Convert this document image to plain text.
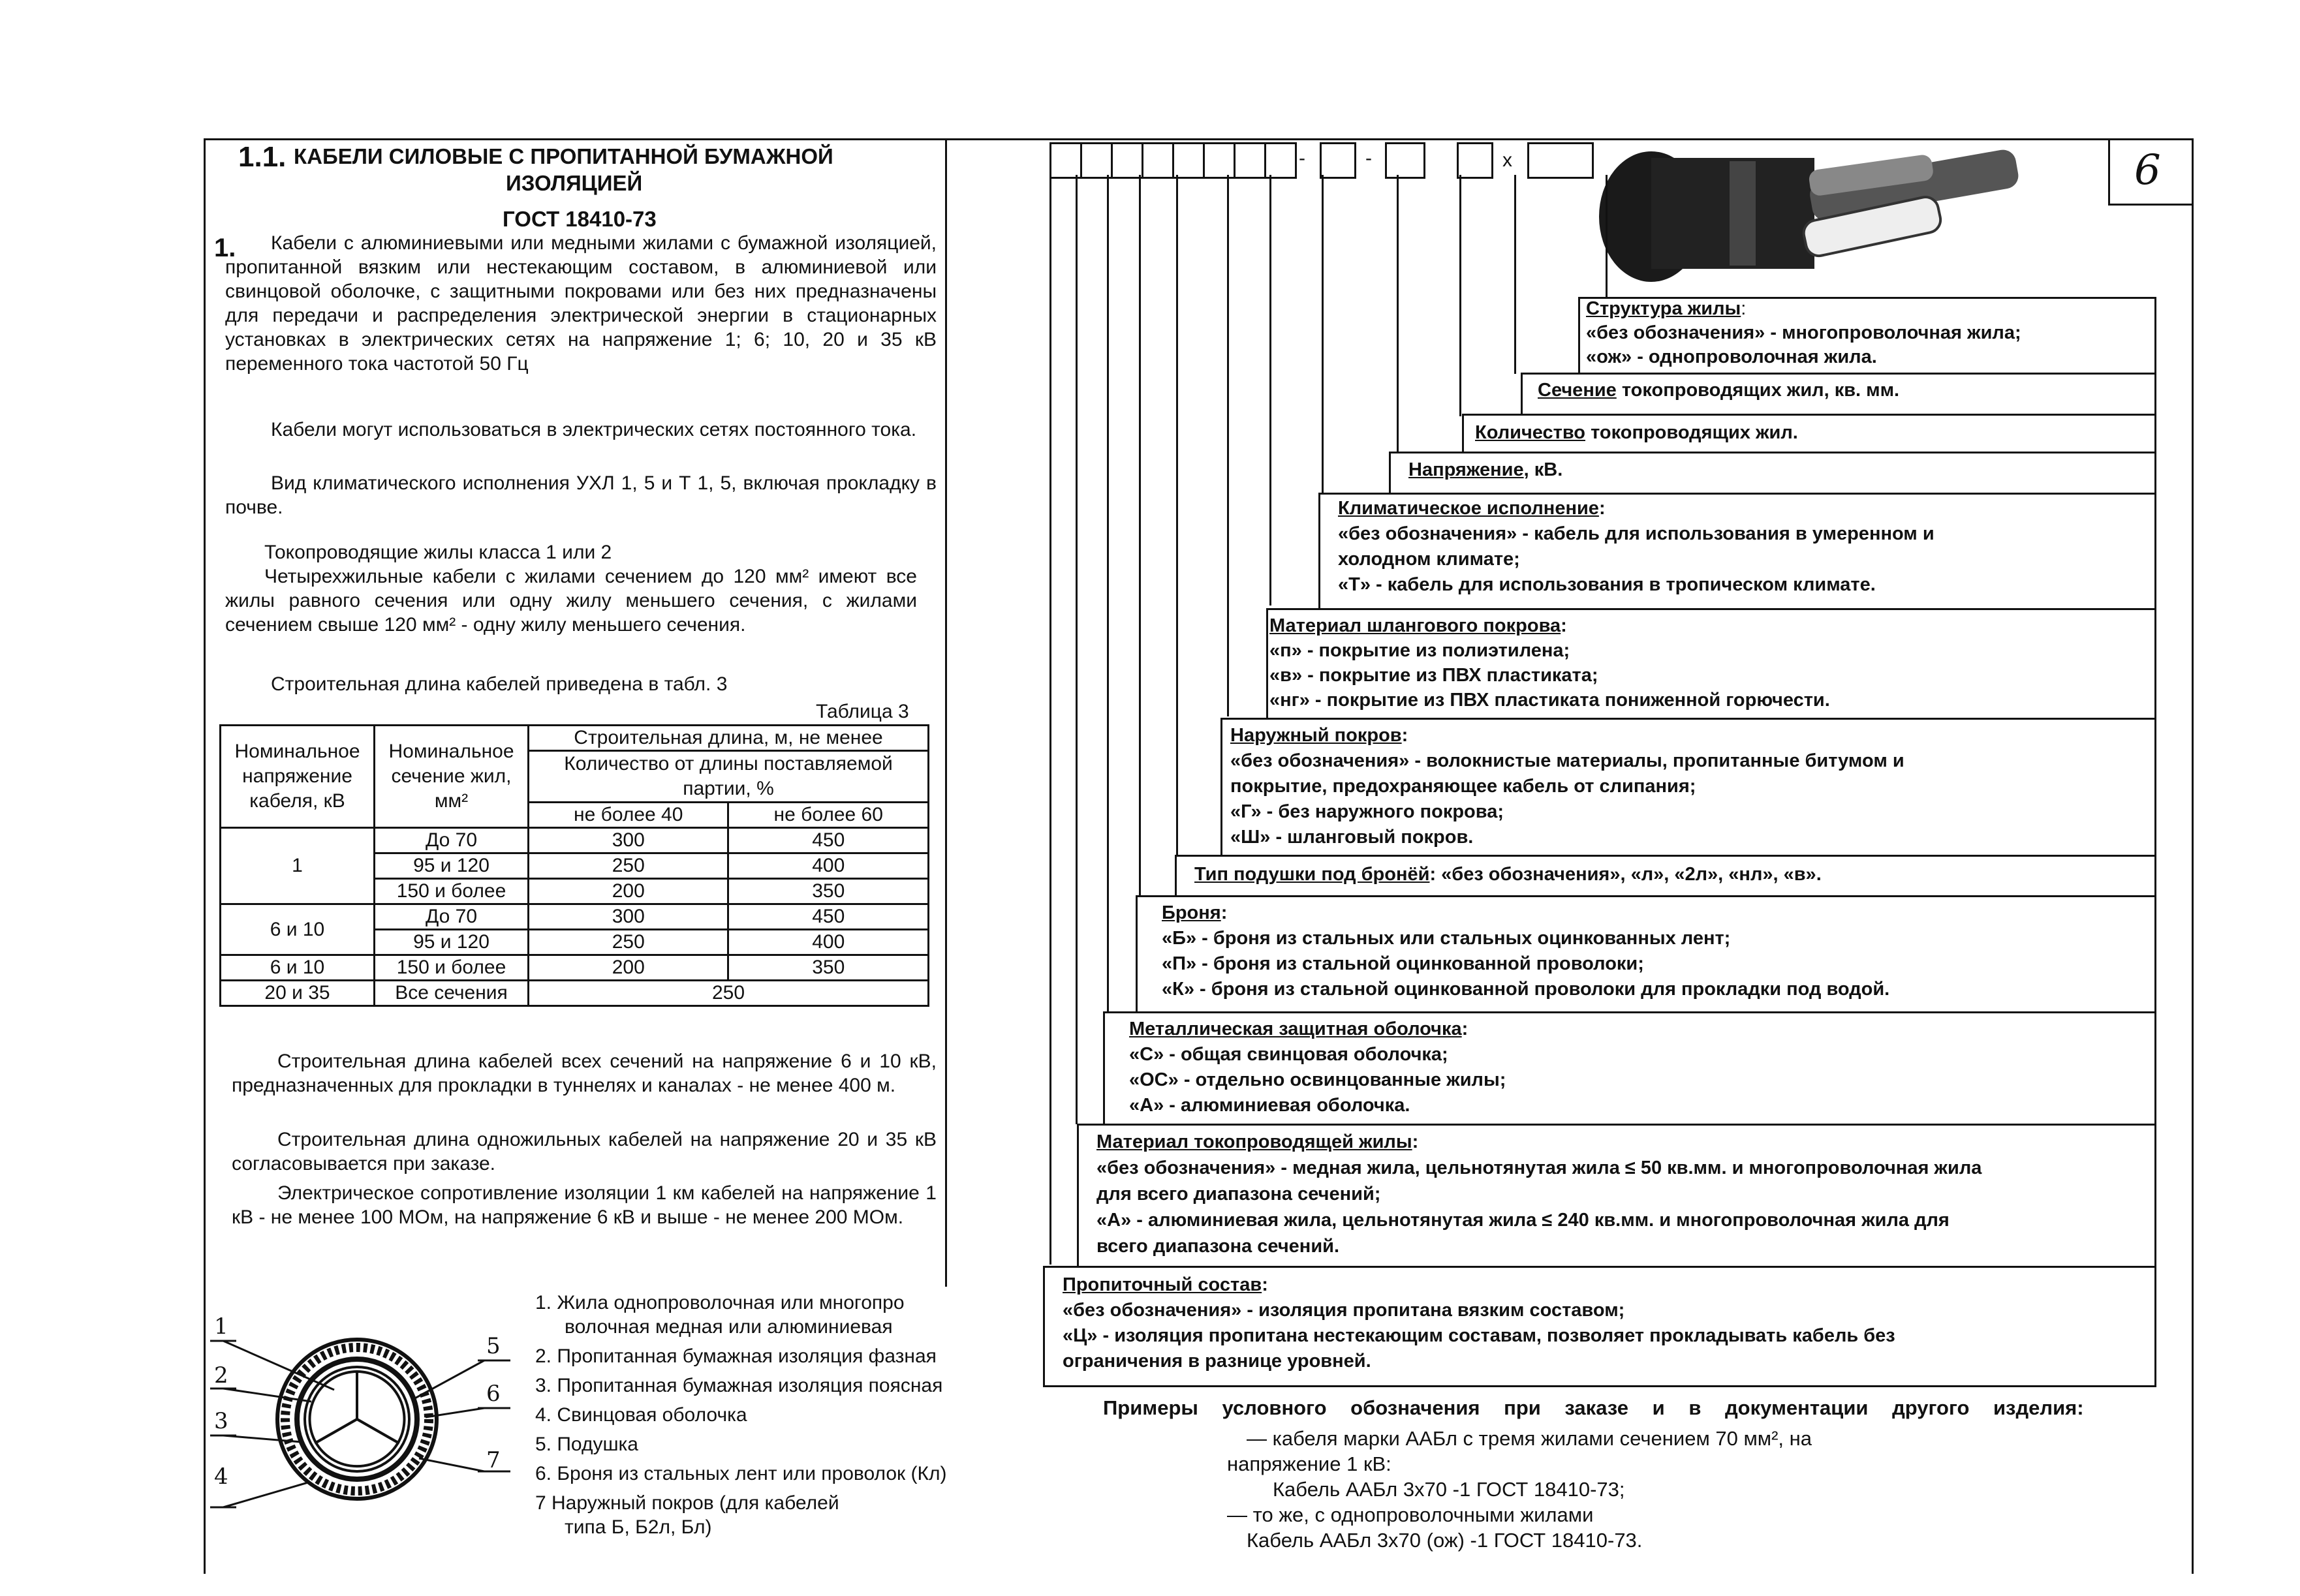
6
1.1. КАБЕЛИ СИЛОВЫЕ С ПРОПИТАННОЙ БУМАЖНОЙ
ИЗОЛЯЦИЕЙ
ГОСТ 18410-73
1.	Кабели с алюминиевыми или медными жилами с бумажной изоляцией, пропитанной вязким или нестекающим составом, в алюминиевой или свинцовой оболочке, с защитными покровами или без них предназначены для передачи и распределения электрической энергии в стационарных установках в электрических сетях на напряжение 1; 6; 10, 20 и 35 кВ переменного тока частотой 50 Гц
Кабели могут использоваться в электрических сетях постоянного тока.
Вид климатического исполнения УХЛ 1, 5 и Т 1, 5, включая прокладку в почве.
Токопроводящие жилы класса 1 или 2
Четырехжильные кабели с жилами сечением до 120 мм² имеют все жилы равного сечения или одну жилу меньшего сечения, с жилами сечением свыше 120 мм² - одну жилу меньшего сечения.
Строительная длина кабелей приведена в табл. 3
Таблица 3
Номинальное напряжение кабеля, кВ	Номинальное сечение жил, мм²	Строительная длина, м, не менее	
		Количество от длины поставляемой партии, %	
		не более 40	не более 60
1	До 70	300	450
	95 и 120	250	400
	150 и более	200	350
6 и 10	До 70	300	450
	95 и 120	250	400
6 и 10	150 и более	200	350
20 и 35	Все сечения	250	
Строительная длина кабелей всех сечений на напряжение 6 и 10 кВ, предназначенных для прокладки в туннелях и каналах - не менее 400 м.
Строительная длина одножильных кабелей на напряжение 20 и 35 кВ согласовывается при заказе.
Электрическое сопротивление изоляции 1 км кабелей на напряжение 1 кВ - не менее 100 МОм, на напряжение 6 кВ и выше - не менее 200 МОм.
1
2
3
4
5
6
7

1. Жила однопроволочная или многопро

волочная медная или алюминиевая

2. Пропитанная бумажная изоляция фазная

3. Пропитанная бумажная изоляция поясная

4. Свинцовая оболочка

5. Подушка

6. Броня из стальных лент или проволок (Кл)

7 Наружный покров (для кабелей

типа Б, Б2л, Бл)

-	-	x

Структура жилы:

«без обозначения» - многопроволочная жила;

«ож» - однопроволочная жила.

Сечение токопроводящих жил, кв. мм.

Количество токопроводящих жил.

Напряжение, кВ.

Климатическое исполнение:

«без обозначения» - кабель для использования в умеренном и

холодном климате;

«Т» - кабель для использования в тропическом климате.

Материал шлангового покрова:

«п» - покрытие из полиэтилена;

«в» - покрытие из ПВХ пластиката;

«нг» - покрытие из ПВХ пластиката пониженной горючести.

Наружный покров:

«без обозначения» - волокнистые материалы, пропитанные битумом и

покрытие, предохраняющее кабель от слипания;

«Г» - без наружного покрова;

«Ш» - шланговый покров.

Тип подушки под бронёй: «без обозначения», «л», «2л», «нл», «в».

Броня:

«Б» - броня из стальных или стальных оцинкованных лент;

«П» - броня из стальной оцинкованной проволоки;

«К» - броня из стальной оцинкованной проволоки для прокладки под водой.

Металлическая защитная оболочка:

«С» - общая свинцовая оболочка;

«ОС» - отдельно освинцованные жилы;

«А» - алюминиевая оболочка.

Материал токопроводящей жилы:

«без обозначения» - медная жила, цельнотянутая жила ≤ 50 кв.мм. и многопроволочная жила

для всего диапазона сечений;

«А» - алюминиевая жила, цельнотянутая жила ≤ 240 кв.мм. и многопроволочная жила для

всего диапазона сечений.

Пропиточный состав:

«без обозначения» - изоляция пропитана вязким составом;

«Ц» - изоляция пропитана нестекающим составам, позволяет прокладывать кабель без

ограничения в разнице уровней.

Примеры условного обозначения при заказе и в документации другого изделия:

— кабеля марки ААБл с тремя жилами сечением 70 мм², на

напряжение 1 кВ:

Кабель ААБл 3х70 -1 ГОСТ 18410-73;

— то же, с однопроволочными жилами

Кабель ААБл 3х70 (ож) -1 ГОСТ 18410-73.
